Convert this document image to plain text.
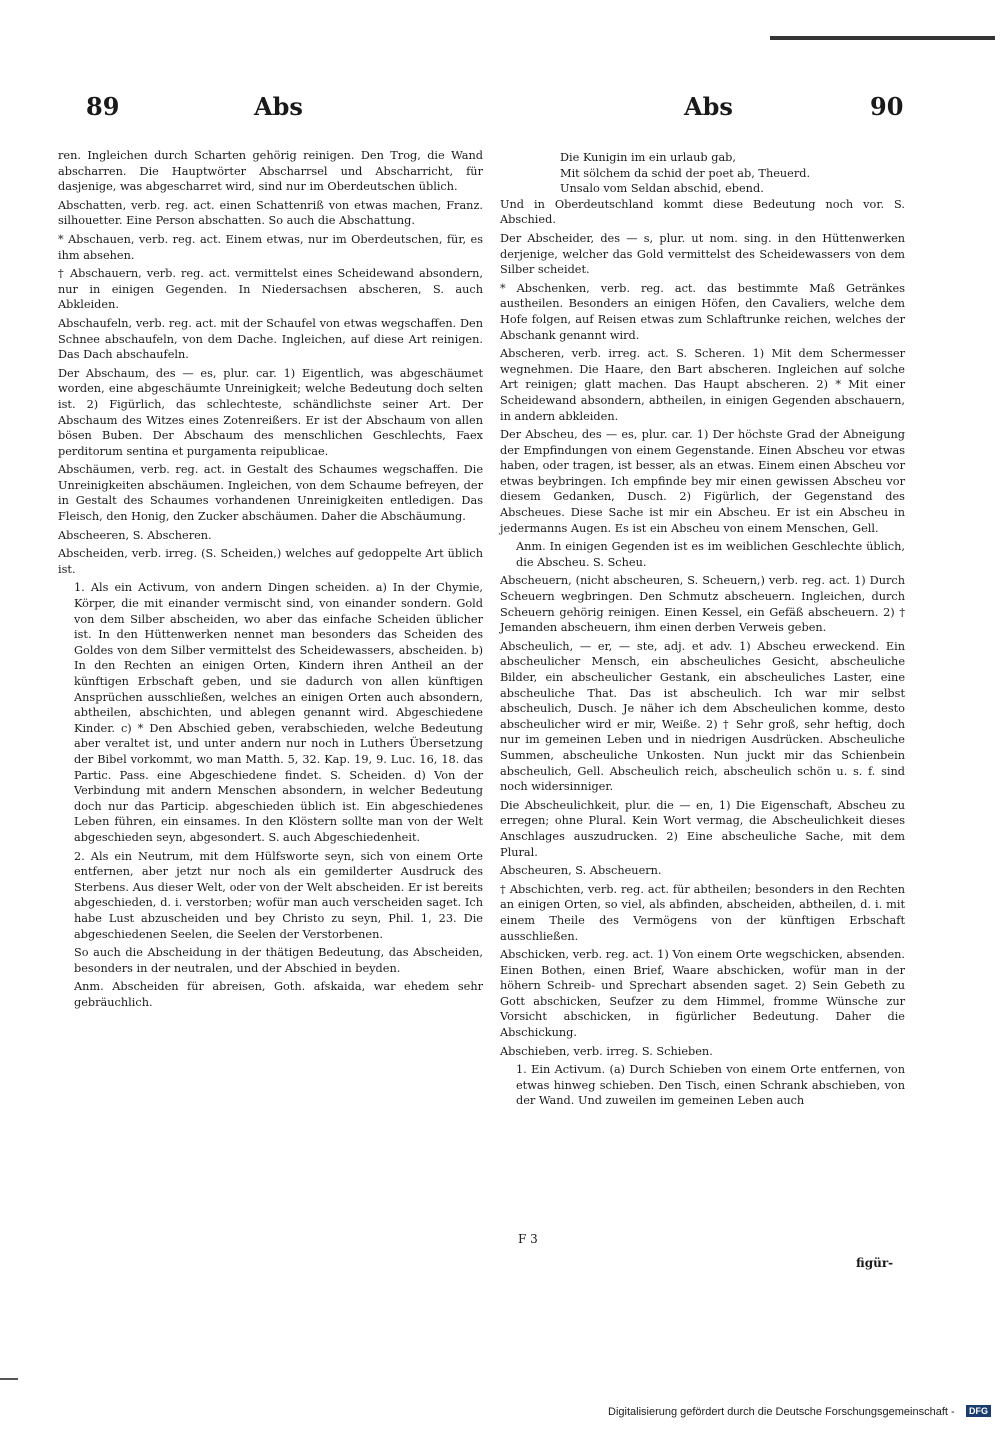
89	Abs	Abs	90

ren. Ingleichen durch Scharten gehörig reinigen. Den Trog, die Wand abscharren. Die Hauptwörter Abscharrsel und Abscharricht, für dasjenige, was abgescharret wird, sind nur im Oberdeutschen üblich.

Abschatten, verb. reg. act. einen Schattenriß von etwas machen, Franz. silhouetter. Eine Person abschatten. So auch die Abschattung.

* Abschauen, verb. reg. act. Einem etwas, nur im Oberdeutschen, für, es ihm absehen.

† Abschauern, verb. reg. act. vermittelst eines Scheidewand absondern, nur in einigen Gegenden. In Niedersachsen abscheren, S. auch Abkleiden.

Abschaufeln, verb. reg. act. mit der Schaufel von etwas wegschaffen. Den Schnee abschaufeln, von dem Dache. Ingleichen, auf diese Art reinigen. Das Dach abschaufeln.

Der Abschaum, des — es, plur. car. 1) Eigentlich, was abgeschäumet worden, eine abgeschäumte Unreinigkeit; welche Bedeutung doch selten ist. 2) Figürlich, das schlechteste, schändlichste seiner Art. Der Abschaum des Witzes eines Zotenreißers. Er ist der Abschaum von allen bösen Buben. Der Abschaum des menschlichen Geschlechts, Faex perditorum sentina et purgamenta reipublicae.

Abschäumen, verb. reg. act. in Gestalt des Schaumes wegschaffen. Die Unreinigkeiten abschäumen. Ingleichen, von dem Schaume befreyen, der in Gestalt des Schaumes vorhandenen Unreinigkeiten entledigen. Das Fleisch, den Honig, den Zucker abschäumen. Daher die Abschäumung.

Abscheeren, S. Abscheren.

Abscheiden, verb. irreg. (S. Scheiden,) welches auf gedoppelte Art üblich ist.

1. Als ein Activum, von andern Dingen scheiden. a) In der Chymie, Körper, die mit einander vermischt sind, von einander sondern. Gold von dem Silber abscheiden, wo aber das einfache Scheiden üblicher ist. In den Hüttenwerken nennet man besonders das Scheiden des Goldes von dem Silber vermittelst des Scheidewassers, abscheiden. b) In den Rechten an einigen Orten, Kindern ihren Antheil an der künftigen Erbschaft geben, und sie dadurch von allen künftigen Ansprüchen ausschließen, welches an einigen Orten auch absondern, abtheilen, abschichten, und ablegen genannt wird. Abgeschiedene Kinder. c) * Den Abschied geben, verabschieden, welche Bedeutung aber veraltet ist, und unter andern nur noch in Luthers Übersetzung der Bibel vorkommt, wo man Matth. 5, 32. Kap. 19, 9. Luc. 16, 18. das Partic. Pass. eine Abgeschiedene findet. S. Scheiden. d) Von der Verbindung mit andern Menschen absondern, in welcher Bedeutung doch nur das Particip. abgeschieden üblich ist. Ein abgeschiedenes Leben führen, ein einsames. In den Klöstern sollte man von der Welt abgeschieden seyn, abgesondert. S. auch Abgeschiedenheit.

2. Als ein Neutrum, mit dem Hülfsworte seyn, sich von einem Orte entfernen, aber jetzt nur noch als ein gemilderter Ausdruck des Sterbens. Aus dieser Welt, oder von der Welt abscheiden. Er ist bereits abgeschieden, d. i. verstorben; wofür man auch verscheiden saget. Ich habe Lust abzuscheiden und bey Christo zu seyn, Phil. 1, 23. Die abgeschiedenen Seelen, die Seelen der Verstorbenen.

So auch die Abscheidung in der thätigen Bedeutung, das Abscheiden, besonders in der neutralen, und der Abschied in beyden.

Anm. Abscheiden für abreisen, Goth. afskaida, war ehedem sehr gebräuchlich.

Die Kunigin im ein urlaub gab,

Mit sölchem da schid der poet ab, Theuerd.

Unsalo vom Seldan abschid, ebend.

Und in Oberdeutschland kommt diese Bedeutung noch vor. S. Abschied.

Der Abscheider, des — s, plur. ut nom. sing. in den Hüttenwerken derjenige, welcher das Gold vermittelst des Scheidewassers von dem Silber scheidet.

* Abschenken, verb. reg. act. das bestimmte Maß Getränkes austheilen. Besonders an einigen Höfen, den Cavaliers, welche dem Hofe folgen, auf Reisen etwas zum Schlaftrunke reichen, welches der Abschank genannt wird.

Abscheren, verb. irreg. act. S. Scheren. 1) Mit dem Schermesser wegnehmen. Die Haare, den Bart abscheren. Ingleichen auf solche Art reinigen; glatt machen. Das Haupt abscheren. 2) * Mit einer Scheidewand absondern, abtheilen, in einigen Gegenden abschauern, in andern abkleiden.

Der Abscheu, des — es, plur. car. 1) Der höchste Grad der Abneigung der Empfindungen von einem Gegenstande. Einen Abscheu vor etwas haben, oder tragen, ist besser, als an etwas. Einem einen Abscheu vor etwas beybringen. Ich empfinde bey mir einen gewissen Abscheu vor diesem Gedanken, Dusch. 2) Figürlich, der Gegenstand des Abscheues. Diese Sache ist mir ein Abscheu. Er ist ein Abscheu in jedermanns Augen. Es ist ein Abscheu von einem Menschen, Gell.

Anm. In einigen Gegenden ist es im weiblichen Geschlechte üblich, die Abscheu. S. Scheu.

Abscheuern, (nicht abscheuren, S. Scheuern,) verb. reg. act. 1) Durch Scheuern wegbringen. Den Schmutz abscheuern. Ingleichen, durch Scheuern gehörig reinigen. Einen Kessel, ein Gefäß abscheuern. 2) † Jemanden abscheuern, ihm einen derben Verweis geben.

Abscheulich, — er, — ste, adj. et adv. 1) Abscheu erweckend. Ein abscheulicher Mensch, ein abscheuliches Gesicht, abscheuliche Bilder, ein abscheulicher Gestank, ein abscheuliches Laster, eine abscheuliche That. Das ist abscheulich. Ich war mir selbst abscheulich, Dusch. Je näher ich dem Abscheulichen komme, desto abscheulicher wird er mir, Weiße. 2) † Sehr groß, sehr heftig, doch nur im gemeinen Leben und in niedrigen Ausdrücken. Abscheuliche Summen, abscheuliche Unkosten. Nun juckt mir das Schienbein abscheulich, Gell. Abscheulich reich, abscheulich schön u. s. f. sind noch widersinniger.

Die Abscheulichkeit, plur. die — en, 1) Die Eigenschaft, Abscheu zu erregen; ohne Plural. Kein Wort vermag, die Abscheulichkeit dieses Anschlages auszudrucken. 2) Eine abscheuliche Sache, mit dem Plural.

Abscheuren, S. Abscheuern.

† Abschichten, verb. reg. act. für abtheilen; besonders in den Rechten an einigen Orten, so viel, als abfinden, abscheiden, abtheilen, d. i. mit einem Theile des Vermögens von der künftigen Erbschaft ausschließen.

Abschicken, verb. reg. act. 1) Von einem Orte wegschicken, absenden. Einen Bothen, einen Brief, Waare abschicken, wofür man in der höhern Schreib- und Sprechart absenden saget. 2) Sein Gebeth zu Gott abschicken, Seufzer zu dem Himmel, fromme Wünsche zur Vorsicht abschicken, in figürlicher Bedeutung. Daher die Abschickung.

Abschieben, verb. irreg. S. Schieben.

1. Ein Activum. (a) Durch Schieben von einem Orte entfernen, von etwas hinweg schieben. Den Tisch, einen Schrank abschieben, von der Wand. Und zuweilen im gemeinen Leben auch

F 3
figür-
Digitalisierung gefördert durch die Deutsche Forschungsgemeinschaft -	DFG
